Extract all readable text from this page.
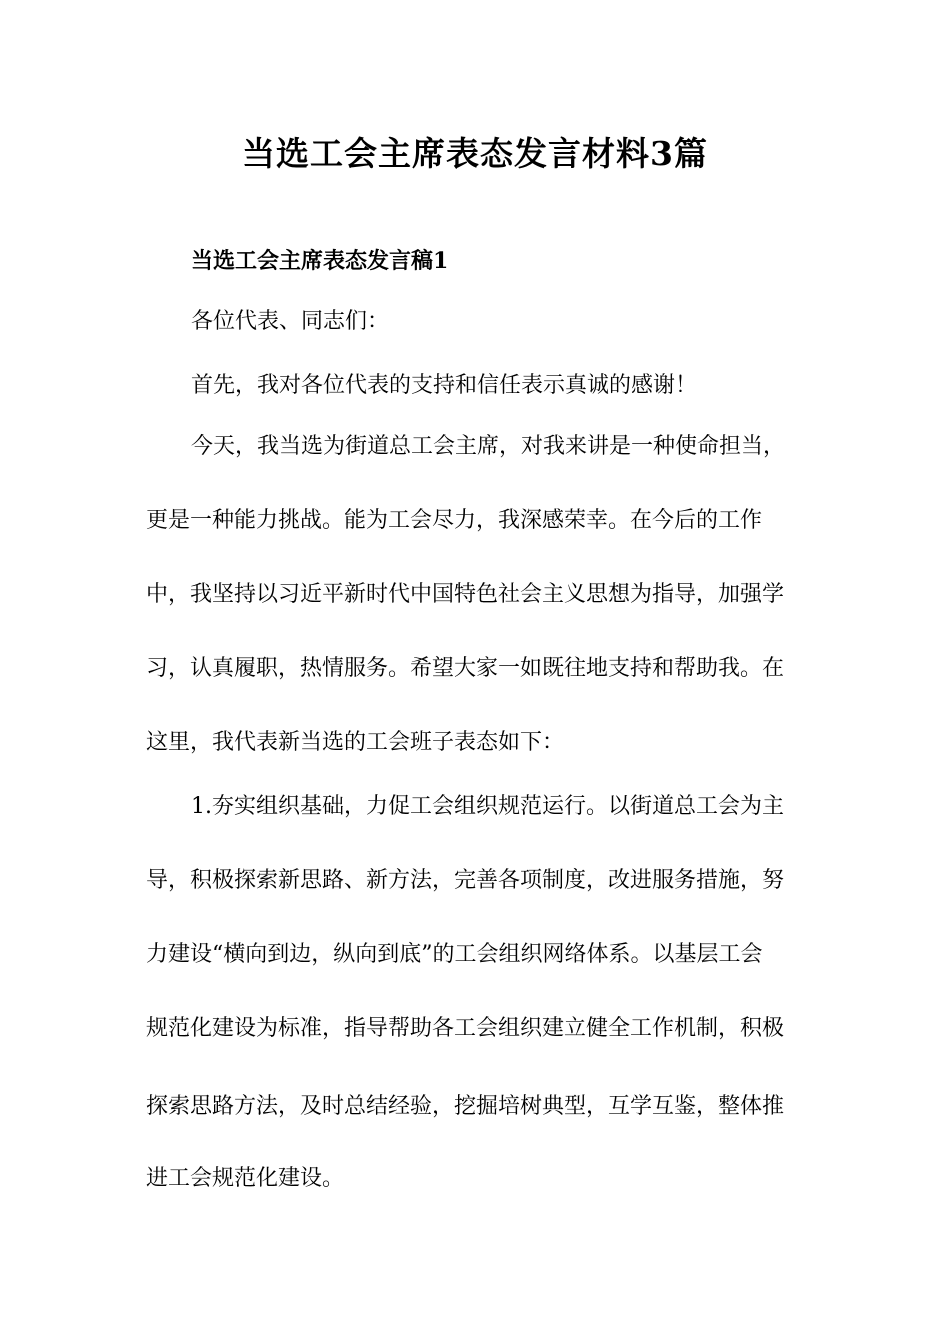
当选工会主席表态发言材料3篇
当选工会主席表态发言稿1
各位代表、同志们：
首先，我对各位代表的支持和信任表示真诚的感谢！
今天，我当选为街道总工会主席，对我来讲是一种使命担当，
更是一种能力挑战。能为工会尽力，我深感荣幸。在今后的工作
中，我坚持以习近平新时代中国特色社会主义思想为指导，加强学
习，认真履职，热情服务。希望大家一如既往地支持和帮助我。在
这里，我代表新当选的工会班子表态如下：
1.夯实组织基础，力促工会组织规范运行。以街道总工会为主
导，积极探索新思路、新方法，完善各项制度，改进服务措施，努
力建设“横向到边，纵向到底”的工会组织网络体系。以基层工会
规范化建设为标准，指导帮助各工会组织建立健全工作机制，积极
探索思路方法，及时总结经验，挖掘培树典型，互学互鉴，整体推
进工会规范化建设。
